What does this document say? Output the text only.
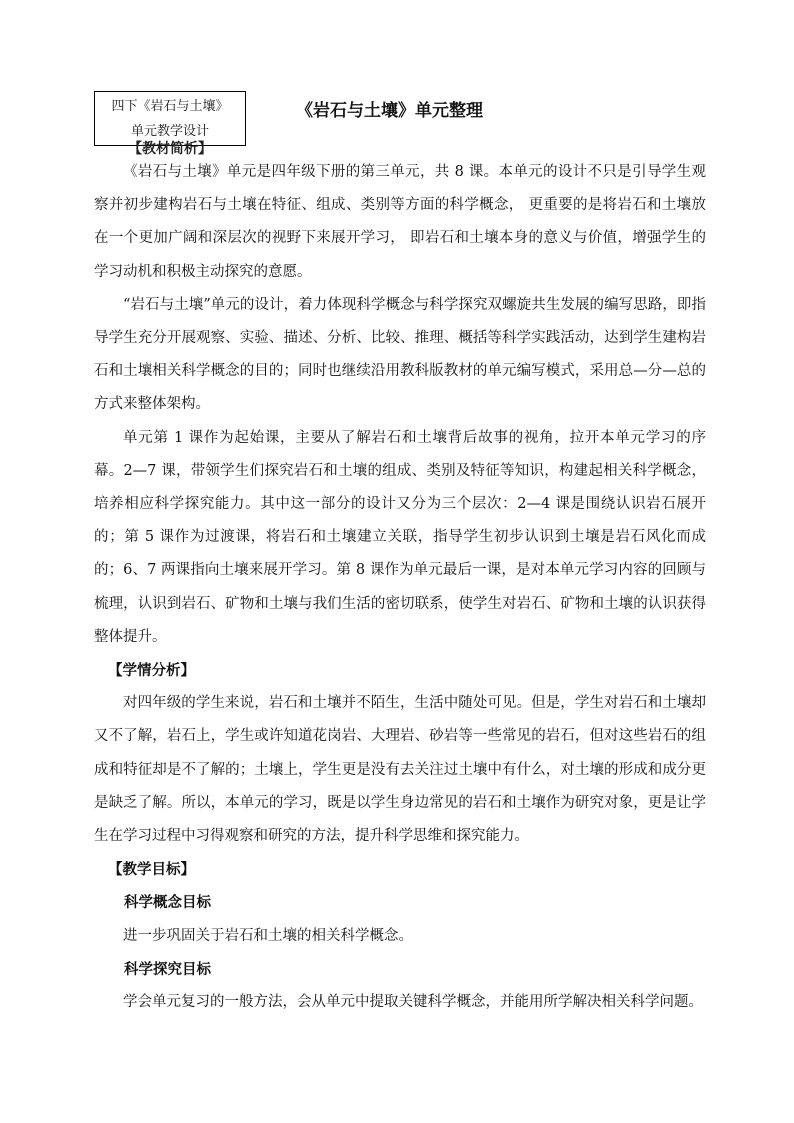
四下《岩石与土壤》
单元教学设计
《岩石与土壤》单元整理
【教材简析】

《岩石与土壤》单元是四年级下册的第三单元，共 8 课。本单元的设计不只是引导学生观察并初步建构岩石与土壤在特征、组成、类别等方面的科学概念， 更重要的是将岩石和土壤放在一个更加广阔和深层次的视野下来展开学习， 即岩石和土壤本身的意义与价值，增强学生的学习动机和积极主动探究的意愿。

“岩石与土壤”单元的设计，着力体现科学概念与科学探究双螺旋共生发展的编写思路，即指导学生充分开展观察、实验、描述、分析、比较、推理、概括等科学实践活动，达到学生建构岩石和土壤相关科学概念的目的；同时也继续沿用教科版教材的单元编写模式，采用总—分—总的方式来整体架构。

单元第 1 课作为起始课，主要从了解岩石和土壤背后故事的视角，拉开本单元学习的序幕。2—7 课，带领学生们探究岩石和土壤的组成、类别及特征等知识，构建起相关科学概念，培养相应科学探究能力。其中这一部分的设计又分为三个层次：2—4 课是围绕认识岩石展开的；第 5 课作为过渡课，将岩石和土壤建立关联，指导学生初步认识到土壤是岩石风化而成的；6、7 两课指向土壤来展开学习。第 8 课作为单元最后一课，是对本单元学习内容的回顾与梳理，认识到岩石、矿物和土壤与我们生活的密切联系，使学生对岩石、矿物和土壤的认识获得整体提升。

【学情分析】

对四年级的学生来说，岩石和土壤并不陌生，生活中随处可见。但是，学生对岩石和土壤却又不了解，岩石上，学生或许知道花岗岩、大理岩、砂岩等一些常见的岩石，但对这些岩石的组成和特征却是不了解的；土壤上，学生更是没有去关注过土壤中有什么，对土壤的形成和成分更是缺乏了解。所以，本单元的学习，既是以学生身边常见的岩石和土壤作为研究对象，更是让学生在学习过程中习得观察和研究的方法，提升科学思维和探究能力。

【教学目标】
科学概念目标

进一步巩固关于岩石和土壤的相关科学概念。

科学探究目标

学会单元复习的一般方法，会从单元中提取关键科学概念，并能用所学解决相关科学问题。
